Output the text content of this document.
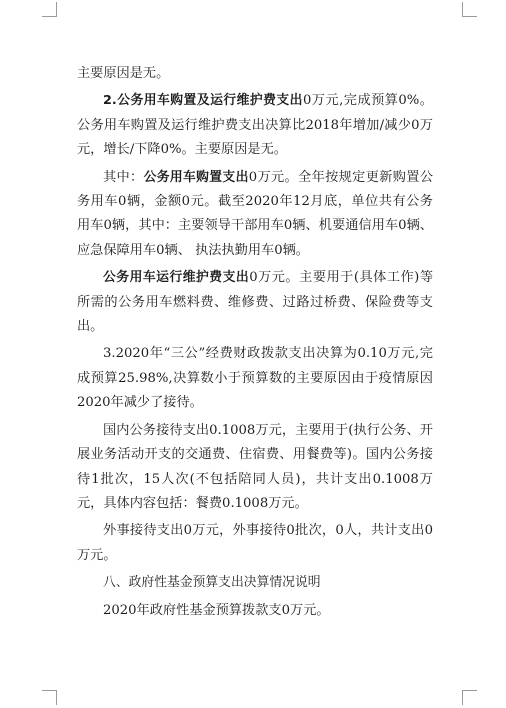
主要原因是无。

2.公务用车购置及运行维护费支出0万元,完成预算0%。公务用车购置及运行维护费支出决算比2018年增加/减少0万元，增长/下降0%。主要原因是无。

其中：公务用车购置支出0万元。全年按规定更新购置公务用车0辆，金额0元。截至2020年12月底，单位共有公务用车0辆，其中：主要领导干部用车0辆、机要通信用车0辆、应急保障用车0辆、 执法执勤用车0辆。

公务用车运行维护费支出0万元。主要用于(具体工作)等所需的公务用车燃料费、维修费、过路过桥费、保险费等支出。

3.2020年“三公”经费财政拨款支出决算为0.10万元,完成预算25.98%,决算数小于预算数的主要原因由于疫情原因2020年减少了接待。

国内公务接待支出0.1008万元，主要用于(执行公务、开展业务活动开支的交通费、住宿费、用餐费等)。国内公务接待1批次，15人次(不包括陪同人员)，共计支出0.1008万元，具体内容包括：餐费0.1008万元。

外事接待支出0万元，外事接待0批次，0人，共计支出0万元。

八、政府性基金预算支出决算情况说明

2020年政府性基金预算拨款支0万元。
